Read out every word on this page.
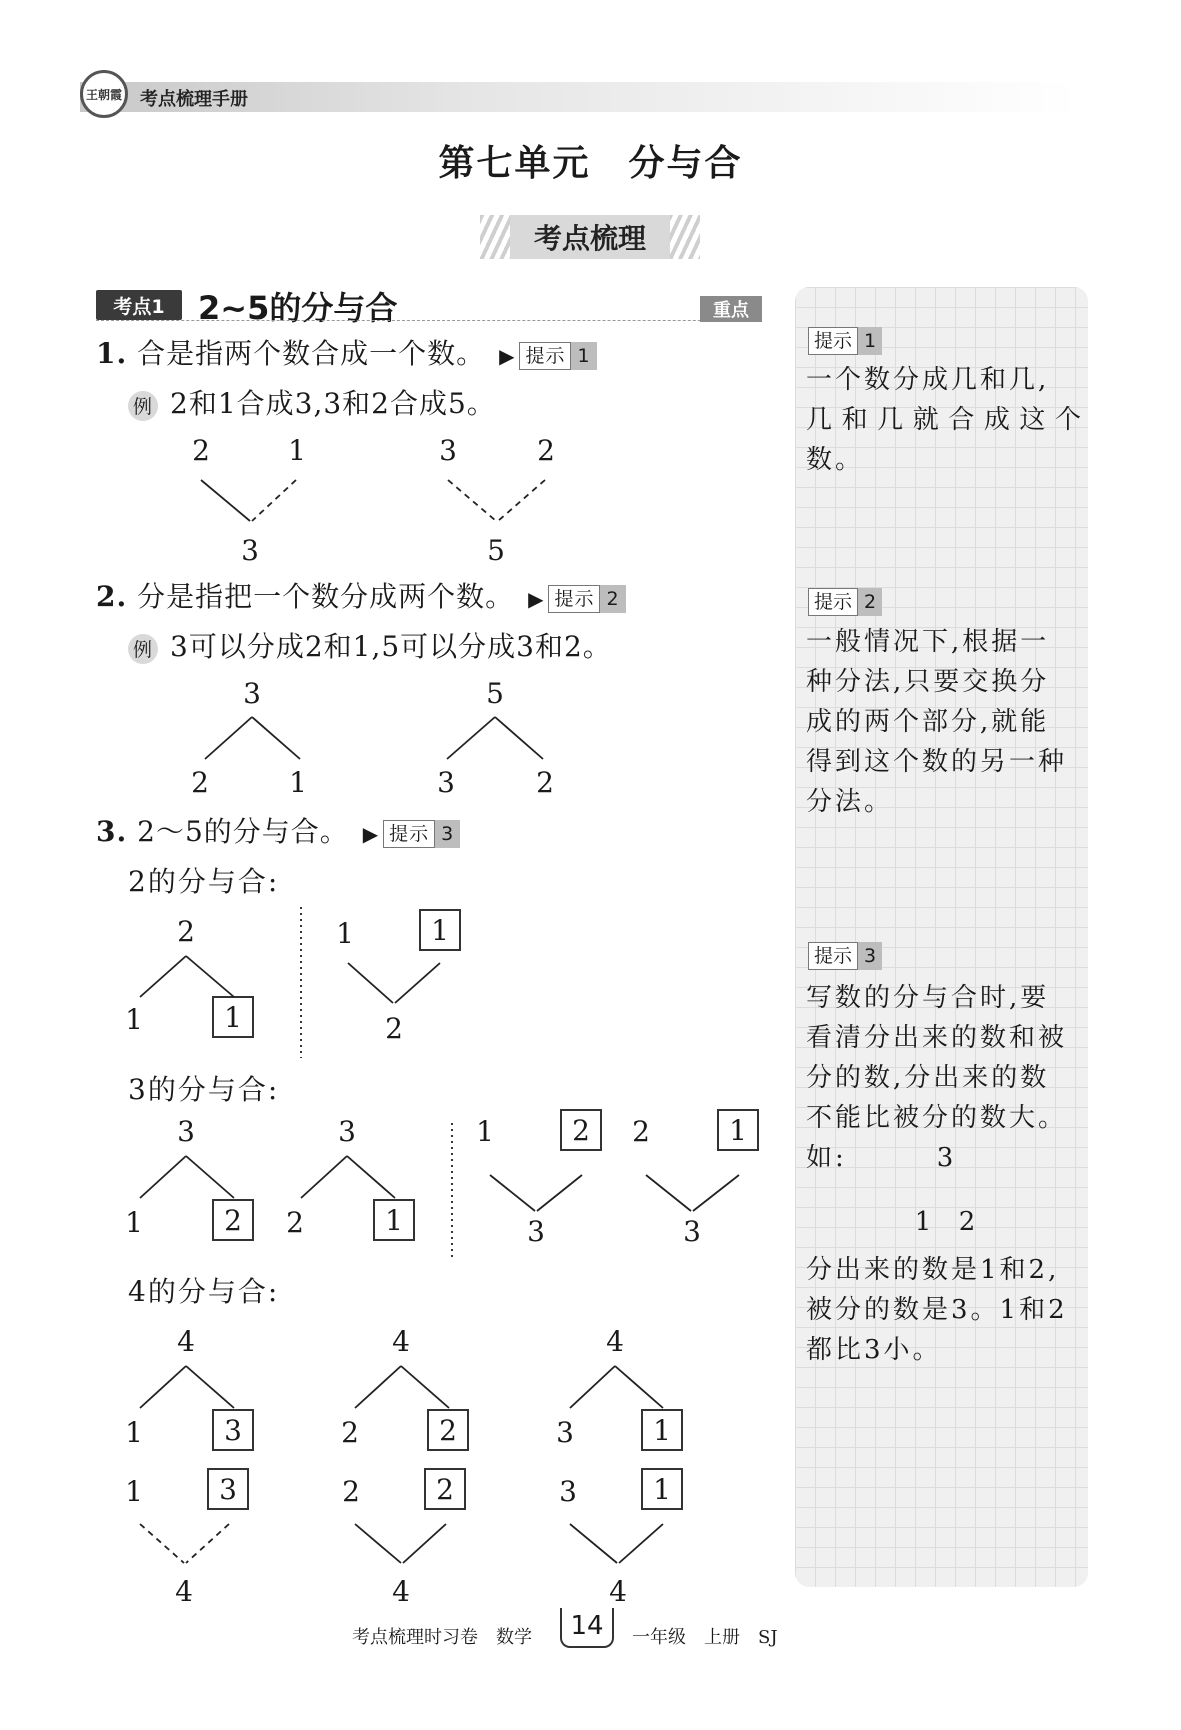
王朝霞 考点梳理手册
第七单元　分与合
考点梳理
考点1	2~5的分与合	重点
1. 合是指两个数合成一个数。 ▶ 提示 1
例 2和1合成3,3和2合成5。
2	1
3
3	2
5
2. 分是指把一个数分成两个数。 ▶ 提示 2
例 3可以分成2和1,5可以分成3和2。
3
2	1
5
3	2
3. 2～5的分与合。 ▶ 提示 3
2的分与合:
2
1	1
1	1
2
3的分与合:
3
1	2
3
2	1
1	2
3
2	1
3
4的分与合:
4
1	3
4
2	2
4
3	1
1	3
4
2	2
4
3	1
4
提示 1

一个数分成几和几,

几和几就合成这个数。

提示 2

一般情况下,根据一

种分法,只要交换分

成的两个部分,就能

得到这个数的另一种

分法。

提示 3

写数的分与合时,要

看清分出来的数和被

分的数,分出来的数

不能比被分的数大。

如:	3
1 2

分出来的数是1和2,

被分的数是3。1和2

都比3小。

考点梳理时习卷　数学	14	一年级　上册　SJ
